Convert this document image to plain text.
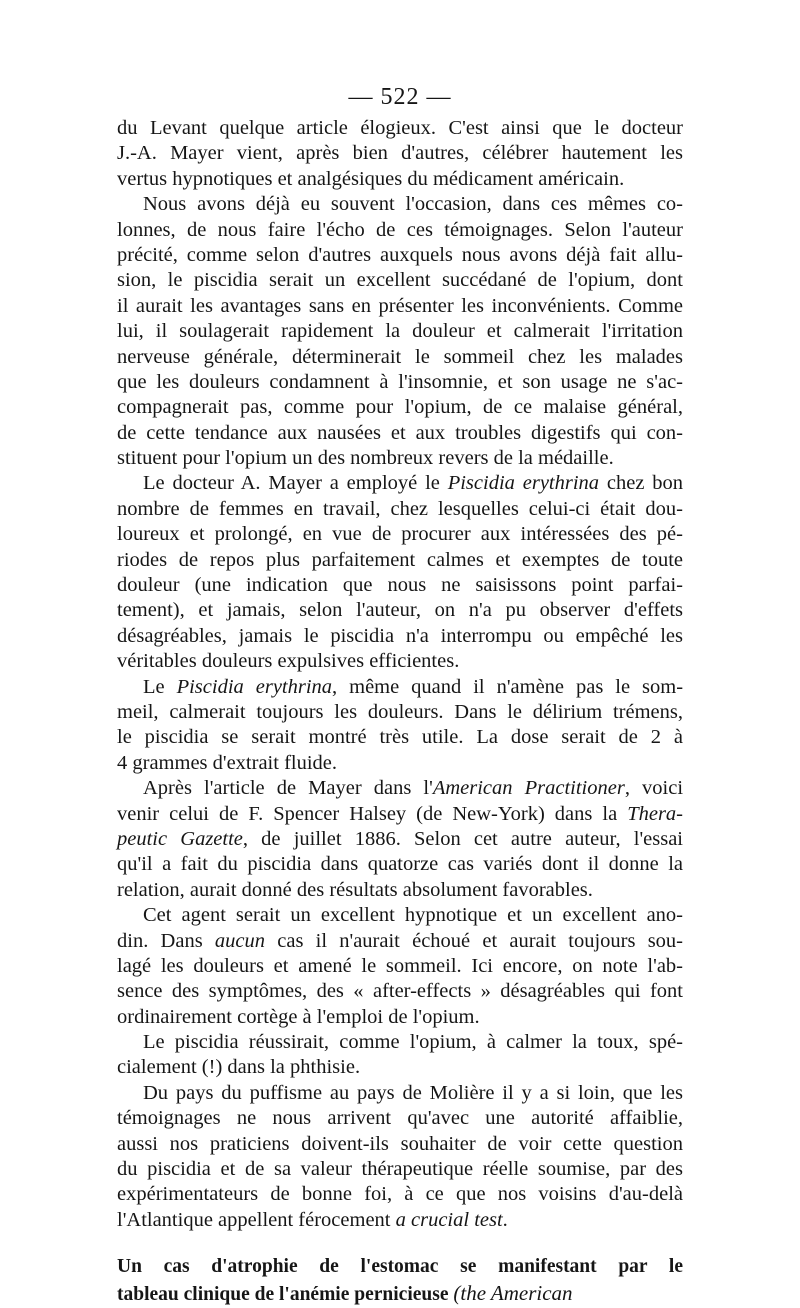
— 522 —
du Levant quelque article élogieux. C'est ainsi que le docteur
J.-A. Mayer vient, après bien d'autres, célébrer hautement les
vertus hypnotiques et analgésiques du médicament américain.
Nous avons déjà eu souvent l'occasion, dans ces mêmes co-
lonnes, de nous faire l'écho de ces témoignages. Selon l'auteur
précité, comme selon d'autres auxquels nous avons déjà fait allu-
sion, le piscidia serait un excellent succédané de l'opium, dont
il aurait les avantages sans en présenter les inconvénients. Comme
lui, il soulagerait rapidement la douleur et calmerait l'irritation
nerveuse générale, déterminerait le sommeil chez les malades
que les douleurs condamnent à l'insomnie, et son usage ne s'ac-
compagnerait pas, comme pour l'opium, de ce malaise général,
de cette tendance aux nausées et aux troubles digestifs qui con-
stituent pour l'opium un des nombreux revers de la médaille.
Le docteur A. Mayer a employé le Piscidia erythrina chez bon
nombre de femmes en travail, chez lesquelles celui-ci était dou-
loureux et prolongé, en vue de procurer aux intéressées des pé-
riodes de repos plus parfaitement calmes et exemptes de toute
douleur (une indication que nous ne saisissons point parfai-
tement), et jamais, selon l'auteur, on n'a pu observer d'effets
désagréables, jamais le piscidia n'a interrompu ou empêché les
véritables douleurs expulsives efficientes.
Le Piscidia erythrina, même quand il n'amène pas le som-
meil, calmerait toujours les douleurs. Dans le délirium trémens,
le piscidia se serait montré très utile. La dose serait de 2 à
4 grammes d'extrait fluide.
Après l'article de Mayer dans l'American Practitioner, voici
venir celui de F. Spencer Halsey (de New-York) dans la Thera-
peutic Gazette, de juillet 1886. Selon cet autre auteur, l'essai
qu'il a fait du piscidia dans quatorze cas variés dont il donne la
relation, aurait donné des résultats absolument favorables.
Cet agent serait un excellent hypnotique et un excellent ano-
din. Dans aucun cas il n'aurait échoué et aurait toujours sou-
lagé les douleurs et amené le sommeil. Ici encore, on note l'ab-
sence des symptômes, des « after-effects » désagréables qui font
ordinairement cortège à l'emploi de l'opium.
Le piscidia réussirait, comme l'opium, à calmer la toux, spé-
cialement (!) dans la phthisie.
Du pays du puffisme au pays de Molière il y a si loin, que les
témoignages ne nous arrivent qu'avec une autorité affaiblie,
aussi nos praticiens doivent-ils souhaiter de voir cette question
du piscidia et de sa valeur thérapeutique réelle soumise, par des
expérimentateurs de bonne foi, à ce que nos voisins d'au-delà
l'Atlantique appellent férocement a crucial test.
Un cas d'atrophie de l'estomac se manifestant par le
tableau clinique de l'anémie pernicieuse (the American
